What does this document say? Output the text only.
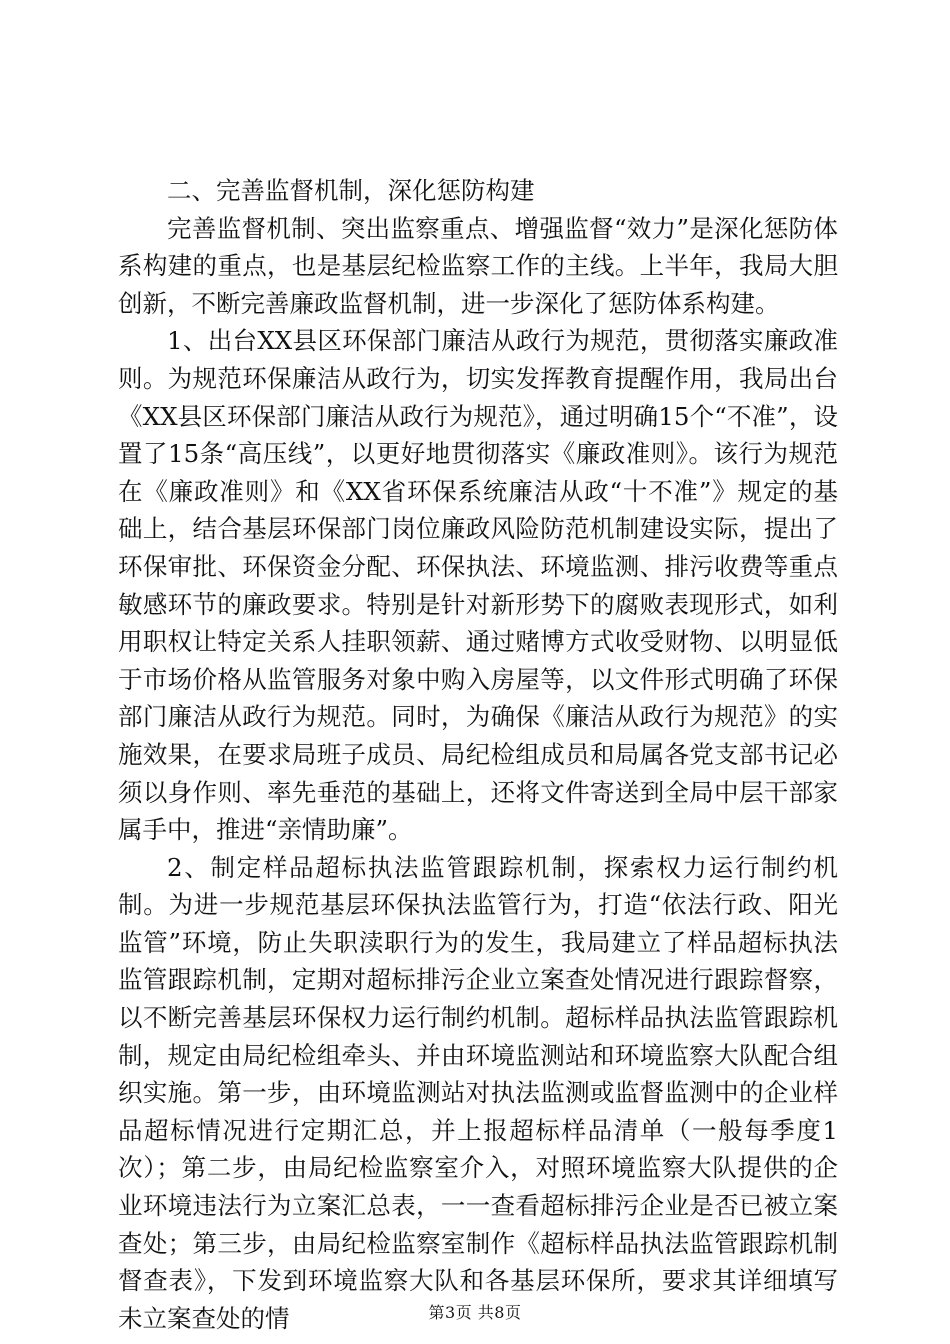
二、完善监督机制，深化惩防构建

完善监督机制、突出监察重点、增强监督“效力”是深化惩防体系构建的重点，也是基层纪检监察工作的主线。上半年，我局大胆创新，不断完善廉政监督机制，进一步深化了惩防体系构建。

1、出台XX县区环保部门廉洁从政行为规范，贯彻落实廉政准则。为规范环保廉洁从政行为，切实发挥教育提醒作用，我局出台《XX县区环保部门廉洁从政行为规范》，通过明确15个“不准”，设置了15条“高压线”，以更好地贯彻落实《廉政准则》。该行为规范在《廉政准则》和《XX省环保系统廉洁从政“十不准”》规定的基础上，结合基层环保部门岗位廉政风险防范机制建设实际，提出了环保审批、环保资金分配、环保执法、环境监测、排污收费等重点敏感环节的廉政要求。特别是针对新形势下的腐败表现形式，如利用职权让特定关系人挂职领薪、通过赌博方式收受财物、以明显低于市场价格从监管服务对象中购入房屋等，以文件形式明确了环保部门廉洁从政行为规范。同时，为确保《廉洁从政行为规范》的实施效果，在要求局班子成员、局纪检组成员和局属各党支部书记必须以身作则、率先垂范的基础上，还将文件寄送到全局中层干部家属手中，推进“亲情助廉”。

2、制定样品超标执法监管跟踪机制，探索权力运行制约机制。为进一步规范基层环保执法监管行为，打造“依法行政、阳光监管”环境，防止失职渎职行为的发生，我局建立了样品超标执法监管跟踪机制，定期对超标排污企业立案查处情况进行跟踪督察，以不断完善基层环保权力运行制约机制。超标样品执法监管跟踪机制，规定由局纪检组牵头、并由环境监测站和环境监察大队配合组织实施。第一步，由环境监测站对执法监测或监督监测中的企业样品超标情况进行定期汇总，并上报超标样品清单（一般每季度1次）；第二步，由局纪检监察室介入，对照环境监察大队提供的企业环境违法行为立案汇总表，一一查看超标排污企业是否已被立案查处；第三步，由局纪检监察室制作《超标样品执法监管跟踪机制督查表》，下发到环境监察大队和各基层环保所，要求其详细填写未立案查处的情	第3页 共8页
